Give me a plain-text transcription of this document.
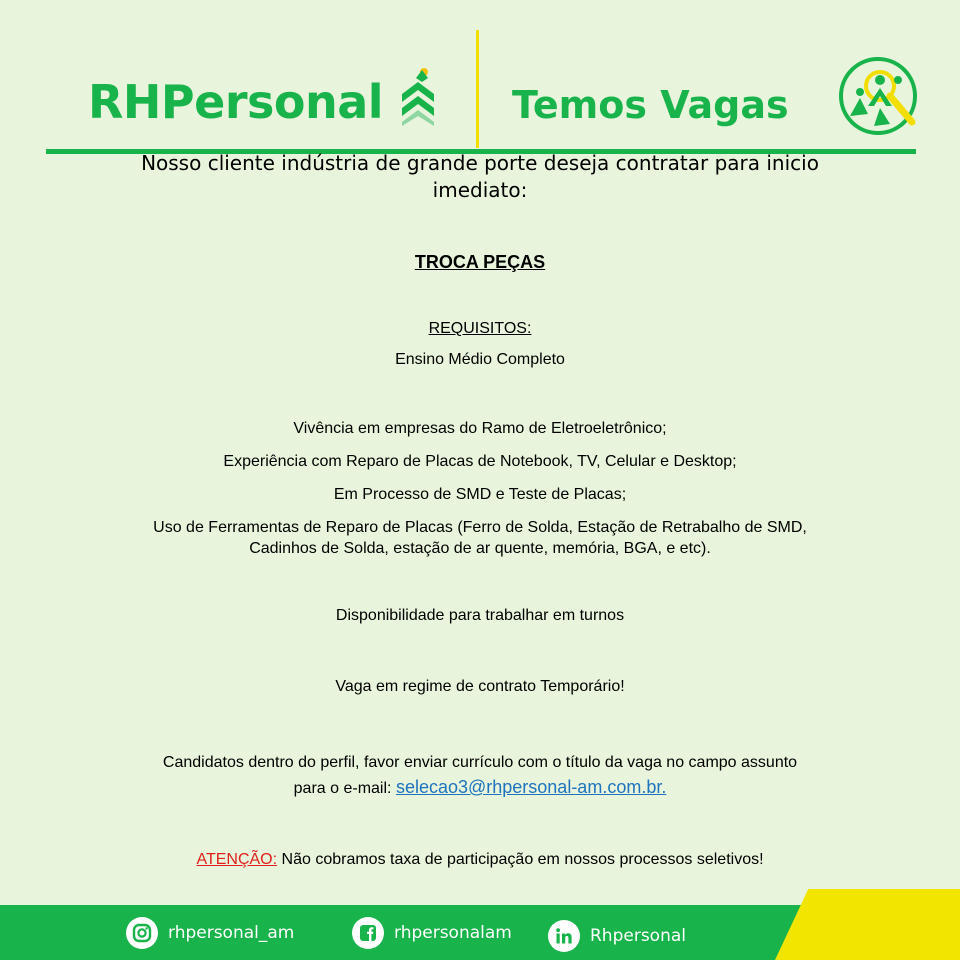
RHPersonal	Temos Vagas

Nosso cliente indústria de grande porte deseja contratar para inicio imediato:

TROCA PEÇAS
REQUISITOS:
Ensino Médio Completo
Vivência em empresas do Ramo de Eletroeletrônico;
Experiência com Reparo de Placas de Notebook, TV, Celular e Desktop;
Em Processo de SMD e Teste de Placas;
Uso de Ferramentas de Reparo de Placas (Ferro de Solda, Estação de Retrabalho de SMD, Cadinhos de Solda, estação de ar quente, memória, BGA, e etc).
Disponibilidade para trabalhar em turnos
Vaga em regime de contrato Temporário!
Candidatos dentro do perfil, favor enviar currículo com o título da vaga no campo assunto para o e-mail: selecao3@rhpersonal-am.com.br.
ATENÇÃO: Não cobramos taxa de participação em nossos processos seletivos!
rhpersonal_am	rhpersonalam	Rhpersonal
